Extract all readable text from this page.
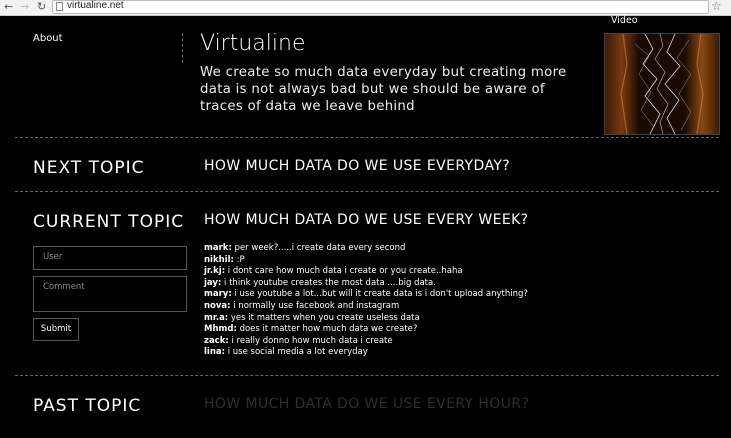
← → ↻ virtualine.net	☆
About	Virtualine
We create so much data everyday but creating more data is not always bad but we should be aware of traces of data we leave behind
Video
NEXT TOPIC	HOW MUCH DATA DO WE USE EVERYDAY?
CURRENT TOPIC HOW MUCH DATA DO WE USE EVERY WEEK?
User
Comment
Submit
mark: per week?.....i create data every second
nikhil: :P
jr.kj: i dont care how much data i create or you create..haha
jay: i think youtube creates the most data ....big data.
mary: i use youtube a lot...but will it create data is i don't upload anything?
nova: i normally use facebook and instagram
mr.a: yes it matters when you create useless data
Mhmd: does it matter how much data we create?
zack: i really donno how much data i create
lina: i use social media a lot everyday
PAST TOPIC	HOW MUCH DATA DO WE USE EVERY HOUR?
